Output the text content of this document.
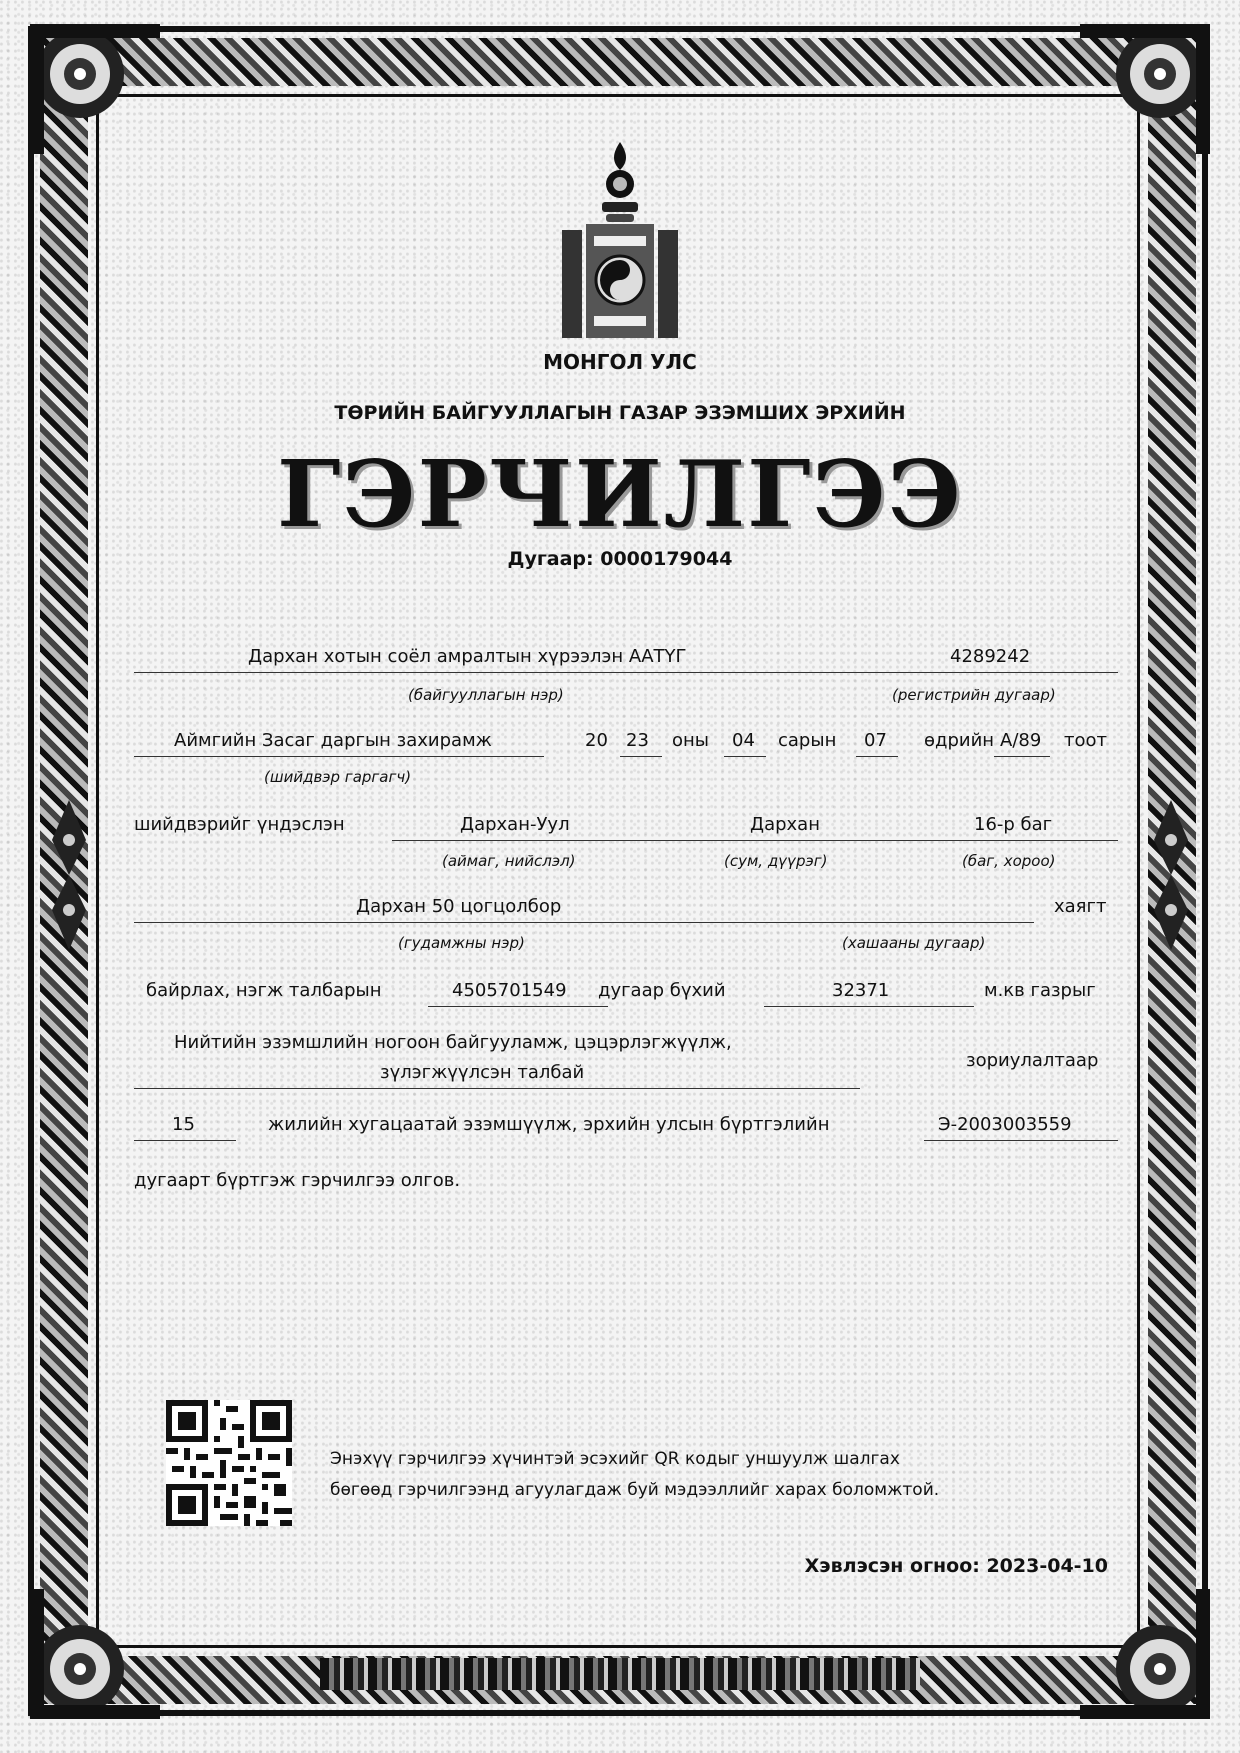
МОНГОЛ УЛС
ТӨРИЙН БАЙГУУЛЛАГЫН ГАЗАР ЭЗЭМШИХ ЭРХИЙН
ГЭРЧИЛГЭЭ
Дугаар: 0000179044
Дархан хотын соёл амралтын хүрээлэн ААТҮГ	4289242
(байгууллагын нэр)	(регистрийн дугаар)
Аймгийн Засаг даргын захирамж	20 23 оны 04 сарын 07 өдрийн А/89 тоот
(шийдвэр гаргагч)
шийдвэрийг үндэслэн	Дархан-Уул	Дархан	16-р баг
(аймаг, нийслэл)	(сум, дүүрэг)	(баг, хороо)
Дархан 50 цогцолбор	хаягт
(гудамжны нэр)	(хашааны дугаар)
байрлах, нэгж талбарын	4505701549 дугаар бүхий	32371	м.кв газрыг
Нийтийн эзэмшлийн ногоон байгууламж, цэцэрлэгжүүлж,
зүлэгжүүлсэн талбай
зориулалтаар
15	жилийн хугацаатай эзэмшүүлж, эрхийн улсын бүртгэлийн	Э-2003003559
дугаарт бүртгэж гэрчилгээ олгов.
Энэхүү гэрчилгээ хүчинтэй эсэхийг QR кодыг уншуулж шалгах
бөгөөд гэрчилгээнд агуулагдаж буй мэдээллийг харах боломжтой.
Хэвлэсэн огноо: 2023-04-10
